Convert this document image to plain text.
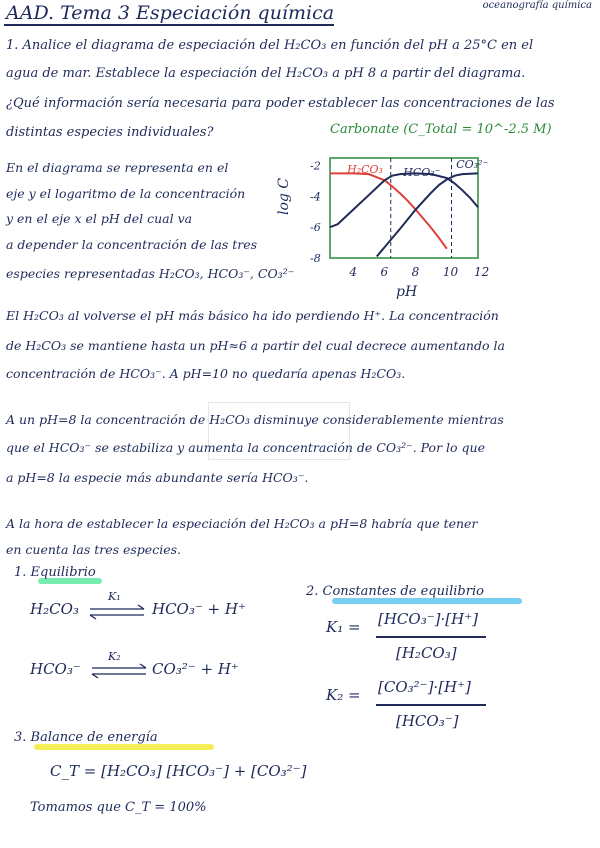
AAD. Tema 3 Especiación química	oceanografía química
1. Analice el diagrama de especiación del H₂CO₃ en función del pH a 25°C en el
agua de mar. Establece la especiación del H₂CO₃ a pH 8 a partir del diagrama.
¿Qué información sería necesaria para poder establecer las concentraciones de las
distintas especies individuales?	Carbonate (C_Total = 10^-2.5 M)
log C
pH
H₂CO₃ HCO₃⁻
CO₃²⁻
4 6 8 10 12
-2
-4
-6
-8
En el diagrama se representa en el
eje y el logaritmo de la concentración
y en el eje x el pH del cual va
a depender la concentración de las tres
especies representadas H₂CO₃, HCO₃⁻, CO₃²⁻
El H₂CO₃ al volverse el pH más básico ha ido perdiendo H⁺. La concentración
de H₂CO₃ se mantiene hasta un pH≈6 a partir del cual decrece aumentando la
concentración de HCO₃⁻. A pH=10 no quedaría apenas H₂CO₃.
A un pH=8 la concentración de H₂CO₃ disminuye considerablemente mientras
que el HCO₃⁻ se estabiliza y aumenta la concentración de CO₃²⁻. Por lo que
a pH=8 la especie más abundante sería HCO₃⁻.
A la hora de establecer la especiación del H₂CO₃ a pH=8 habría que tener
en cuenta las tres especies.
1. Equilibrio
H₂CO₃
K₁
HCO₃⁻ + H⁺
HCO₃⁻
K₂
CO₃²⁻ + H⁺
2. Constantes de equilibrio
K₁ = [HCO₃⁻]·[H⁺]
[H₂CO₃]
K₂ = [CO₃²⁻]·[H⁺]
[HCO₃⁻]
3. Balance de energía
C_T = [H₂CO₃] [HCO₃⁻] + [CO₃²⁻]
Tomamos que C_T = 100%
